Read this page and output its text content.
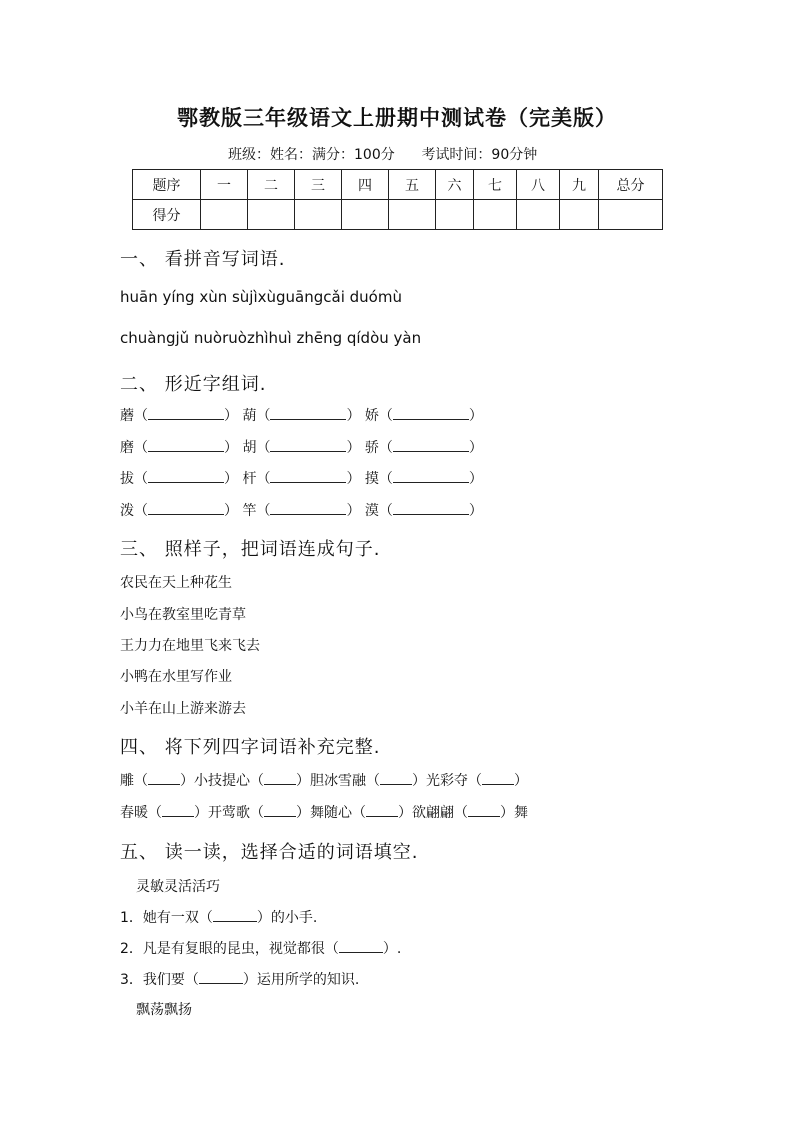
鄂教版三年级语文上册期中测试卷（完美版）
班级：姓名：满分：100分 考试时间：90分钟
题序	一	二	三	四	五	六	七	八	九	总分
得分										
一、 看拼音写词语.
huān yíng xùn sùjìxùguāngcǎi duómù
chuàngjǔ nuòruòzhìhuì zhēng qídòu yàn
二、 形近字组词.
蘑（	） 葫（	） 娇（	）
磨（	） 胡（	） 骄（	）
拔（	） 杆（	） 摸（	）
泼（	） 竿（	） 漠（	）
三、 照样子，把词语连成句子.
农民在天上种花生
小鸟在教室里吃青草
王力力在地里飞来飞去
小鸭在水里写作业
小羊在山上游来游去
四、 将下列四字词语补充完整.
雕（ ）小技提心（ ）胆冰雪融（ ）光彩夺（ ）
春暖（ ）开莺歌（ ）舞随心（ ）欲翩翩（ ）舞
五、 读一读，选择合适的词语填空.
灵敏灵活活巧
1．她有一双（	）的小手.
2．凡是有复眼的昆虫，视觉都很（	）.
3．我们要（	）运用所学的知识.
飘荡飘扬
